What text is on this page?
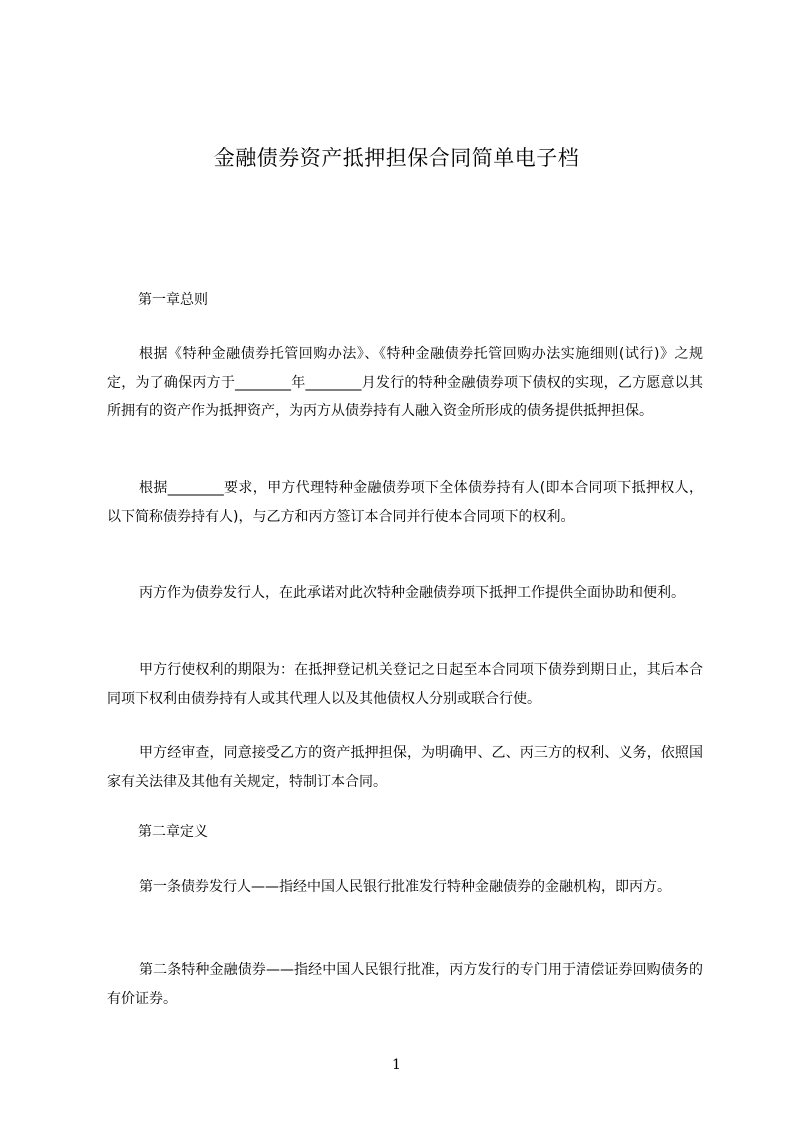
金融债券资产抵押担保合同简单电子档
第一章总则

根据《特种金融债券托管回购办法》、《特种金融债券托管回购办法实施细则(试行)》之规定，为了确保丙方于________年________月发行的特种金融债券项下债权的实现，乙方愿意以其所拥有的资产作为抵押资产，为丙方从债券持有人融入资金所形成的债务提供抵押担保。

根据________要求，甲方代理特种金融债券项下全体债券持有人(即本合同项下抵押权人，以下简称债券持有人)，与乙方和丙方签订本合同并行使本合同项下的权利。

丙方作为债券发行人，在此承诺对此次特种金融债券项下抵押工作提供全面协助和便利。

甲方行使权利的期限为：在抵押登记机关登记之日起至本合同项下债券到期日止，其后本合同项下权利由债券持有人或其代理人以及其他债权人分别或联合行使。

甲方经审查，同意接受乙方的资产抵押担保，为明确甲、乙、丙三方的权利、义务，依照国家有关法律及其他有关规定，特制订本合同。

第二章定义

第一条债券发行人——指经中国人民银行批准发行特种金融债券的金融机构，即丙方。

第二条特种金融债券——指经中国人民银行批准，丙方发行的专门用于清偿证券回购债务的有价证券。

1
